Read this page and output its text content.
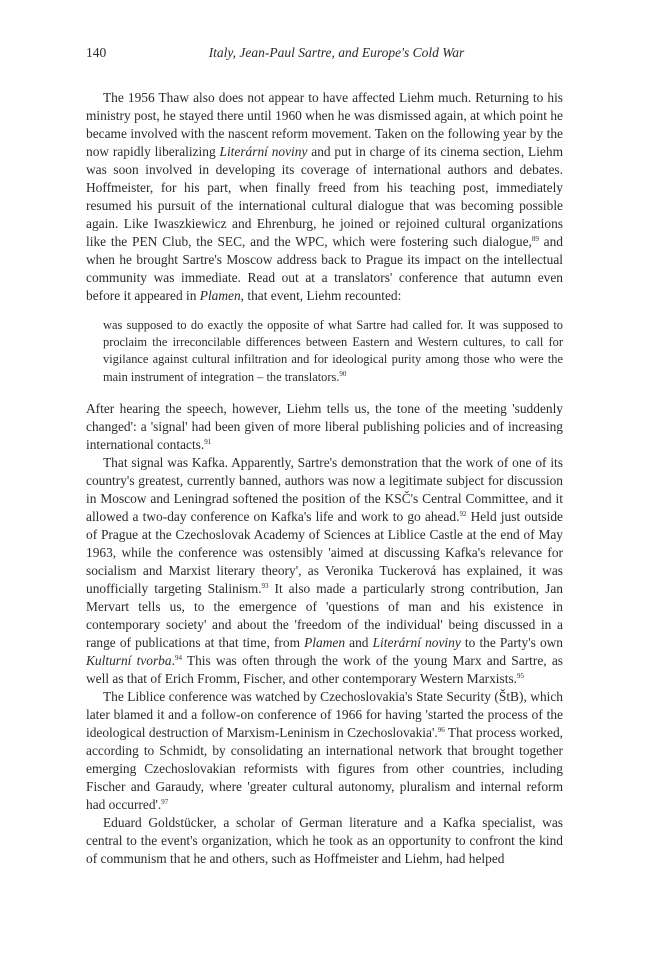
140	Italy, Jean-Paul Sartre, and Europe's Cold War

The 1956 Thaw also does not appear to have affected Liehm much. Returning to his ministry post, he stayed there until 1960 when he was dismissed again, at which point he became involved with the nascent reform movement. Taken on the following year by the now rapidly liberalizing Literární noviny and put in charge of its cinema section, Liehm was soon involved in developing its coverage of international authors and debates. Hoffmeister, for his part, when finally freed from his teaching post, immediately resumed his pursuit of the international cultural dialogue that was becoming possible again. Like Iwaszkiewicz and Ehrenburg, he joined or rejoined cultural organizations like the PEN Club, the SEC, and the WPC, which were fostering such dialogue,$^{89}$ and when he brought Sartre's Moscow address back to Prague its impact on the intellectual community was immediate. Read out at a translators' conference that autumn even before it appeared in Plamen, that event, Liehm recounted:

was supposed to do exactly the opposite of what Sartre had called for. It was supposed to proclaim the irreconcilable differences between Eastern and Western cultures, to call for vigilance against cultural infiltration and for ideological purity among those who were the main instrument of integration – the translators.$^{90}$

After hearing the speech, however, Liehm tells us, the tone of the meeting 'suddenly changed': a 'signal' had been given of more liberal publishing policies and of increasing international contacts.$^{91}$

That signal was Kafka. Apparently, Sartre's demonstration that the work of one of its country's greatest, currently banned, authors was now a legitimate subject for discussion in Moscow and Leningrad softened the position of the KSČ's Central Committee, and it allowed a two-day conference on Kafka's life and work to go ahead.$^{92}$ Held just outside of Prague at the Czechoslovak Academy of Sciences at Liblice Castle at the end of May 1963, while the conference was ostensibly 'aimed at discussing Kafka's relevance for socialism and Marxist literary theory', as Veronika Tuckerová has explained, it was unofficially targeting Stalinism.$^{93}$ It also made a particularly strong contribution, Jan Mervart tells us, to the emergence of 'questions of man and his existence in contemporary society' and about the 'freedom of the individual' being discussed in a range of publications at that time, from Plamen and Literární noviny to the Party's own Kulturní tvorba.$^{94}$ This was often through the work of the young Marx and Sartre, as well as that of Erich Fromm, Fischer, and other contemporary Western Marxists.$^{95}$

The Liblice conference was watched by Czechoslovakia's State Security (ŠtB), which later blamed it and a follow-on conference of 1966 for having 'started the process of the ideological destruction of Marxism-Leninism in Czechoslovakia'.$^{96}$ That process worked, according to Schmidt, by consolidating an international network that brought together emerging Czechoslovakian reformists with figures from other countries, including Fischer and Garaudy, where 'greater cultural autonomy, pluralism and internal reform had occurred'.$^{97}$

Eduard Goldstücker, a scholar of German literature and a Kafka specialist, was central to the event's organization, which he took as an opportunity to confront the kind of communism that he and others, such as Hoffmeister and Liehm, had helped
